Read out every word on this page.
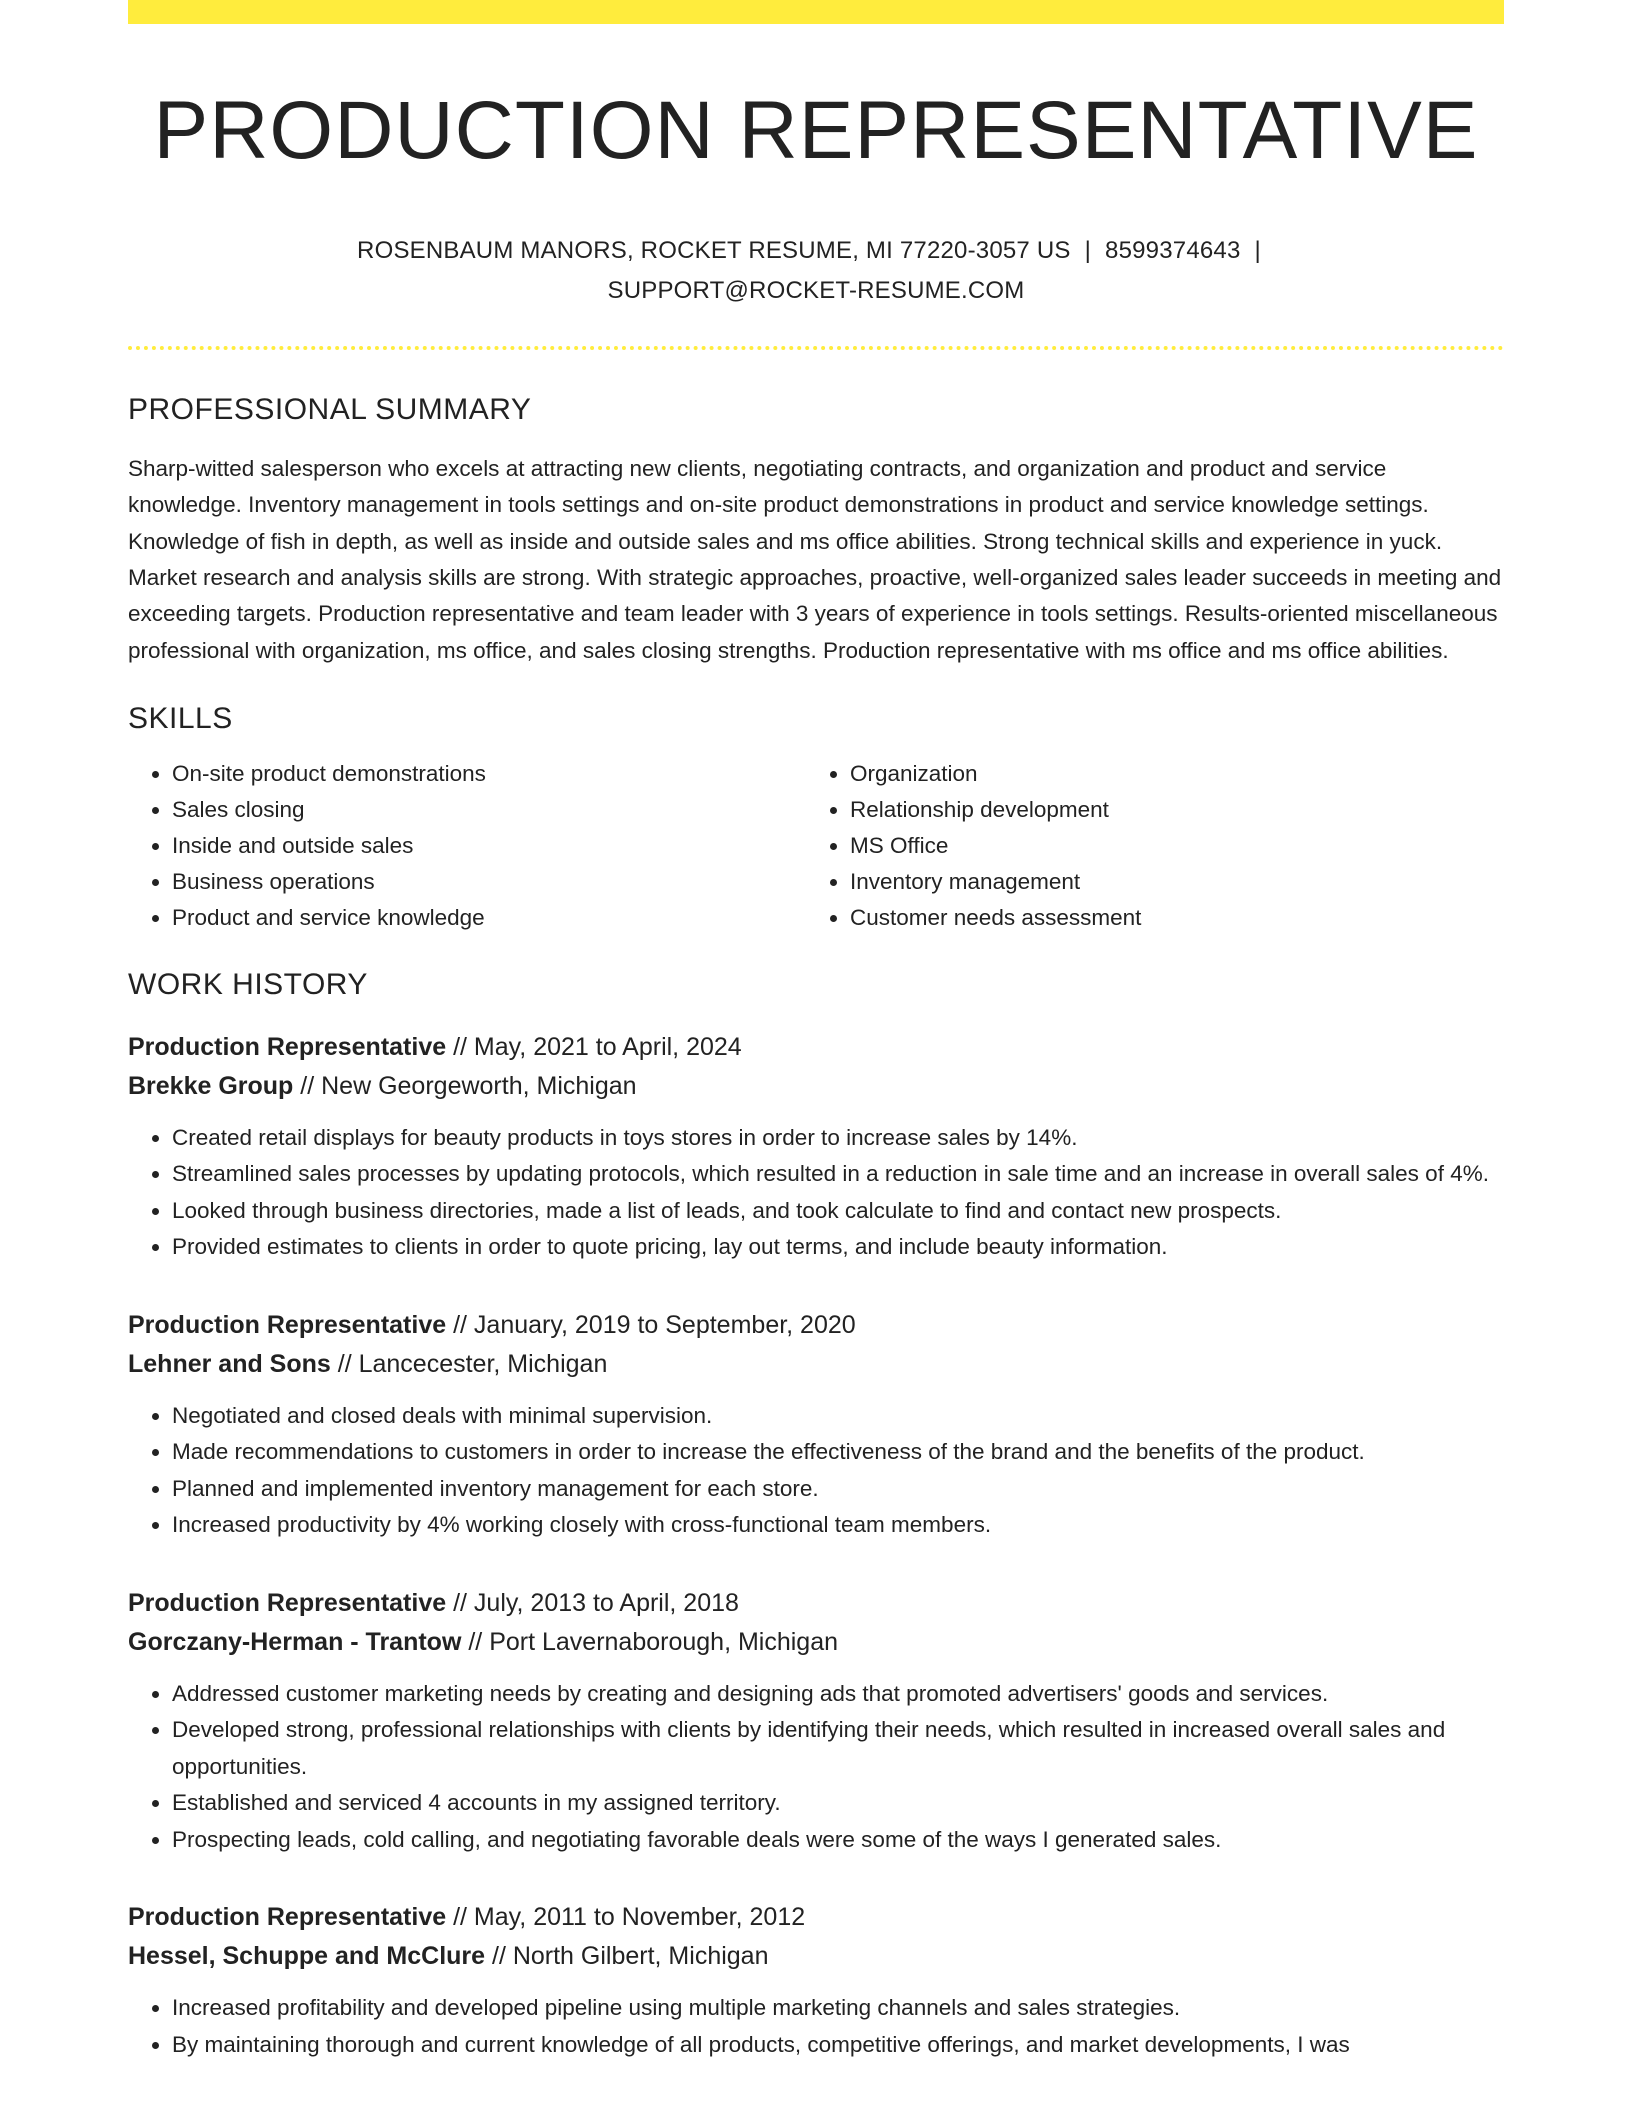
PRODUCTION REPRESENTATIVE
ROSENBAUM MANORS, ROCKET RESUME, MI 77220-3057 US | 8599374643 |
SUPPORT@ROCKET-RESUME.COM
PROFESSIONAL SUMMARY

Sharp-witted salesperson who excels at attracting new clients, negotiating contracts, and organization and product and service knowledge. Inventory management in tools settings and on-site product demonstrations in product and service knowledge settings. Knowledge of fish in depth, as well as inside and outside sales and ms office abilities. Strong technical skills and experience in yuck. Market research and analysis skills are strong. With strategic approaches, proactive, well-organized sales leader succeeds in meeting and exceeding targets. Production representative and team leader with 3 years of experience in tools settings. Results-oriented miscellaneous professional with organization, ms office, and sales closing strengths. Production representative with ms office and ms office abilities.

SKILLS
• On-site product demonstrations
• Sales closing
• Inside and outside sales
• Business operations
• Product and service knowledge
• Organization
• Relationship development
• MS Office
• Inventory management
• Customer needs assessment
WORK HISTORY
Production Representative // May, 2021 to April, 2024
Brekke Group // New Georgeworth, Michigan
• Created retail displays for beauty products in toys stores in order to increase sales by 14%.
• Streamlined sales processes by updating protocols, which resulted in a reduction in sale time and an increase in overall sales of 4%.
• Looked through business directories, made a list of leads, and took calculate to find and contact new prospects.
• Provided estimates to clients in order to quote pricing, lay out terms, and include beauty information.
Production Representative // January, 2019 to September, 2020
Lehner and Sons // Lancecester, Michigan
• Negotiated and closed deals with minimal supervision.
• Made recommendations to customers in order to increase the effectiveness of the brand and the benefits of the product.
• Planned and implemented inventory management for each store.
• Increased productivity by 4% working closely with cross-functional team members.
Production Representative // July, 2013 to April, 2018
Gorczany-Herman - Trantow // Port Lavernaborough, Michigan
• Addressed customer marketing needs by creating and designing ads that promoted advertisers' goods and services.
• Developed strong, professional relationships with clients by identifying their needs, which resulted in increased overall sales and opportunities.
• Established and serviced 4 accounts in my assigned territory.
• Prospecting leads, cold calling, and negotiating favorable deals were some of the ways I generated sales.
Production Representative // May, 2011 to November, 2012
Hessel, Schuppe and McClure // North Gilbert, Michigan
• Increased profitability and developed pipeline using multiple marketing channels and sales strategies.
• By maintaining thorough and current knowledge of all products, competitive offerings, and market developments, I was
